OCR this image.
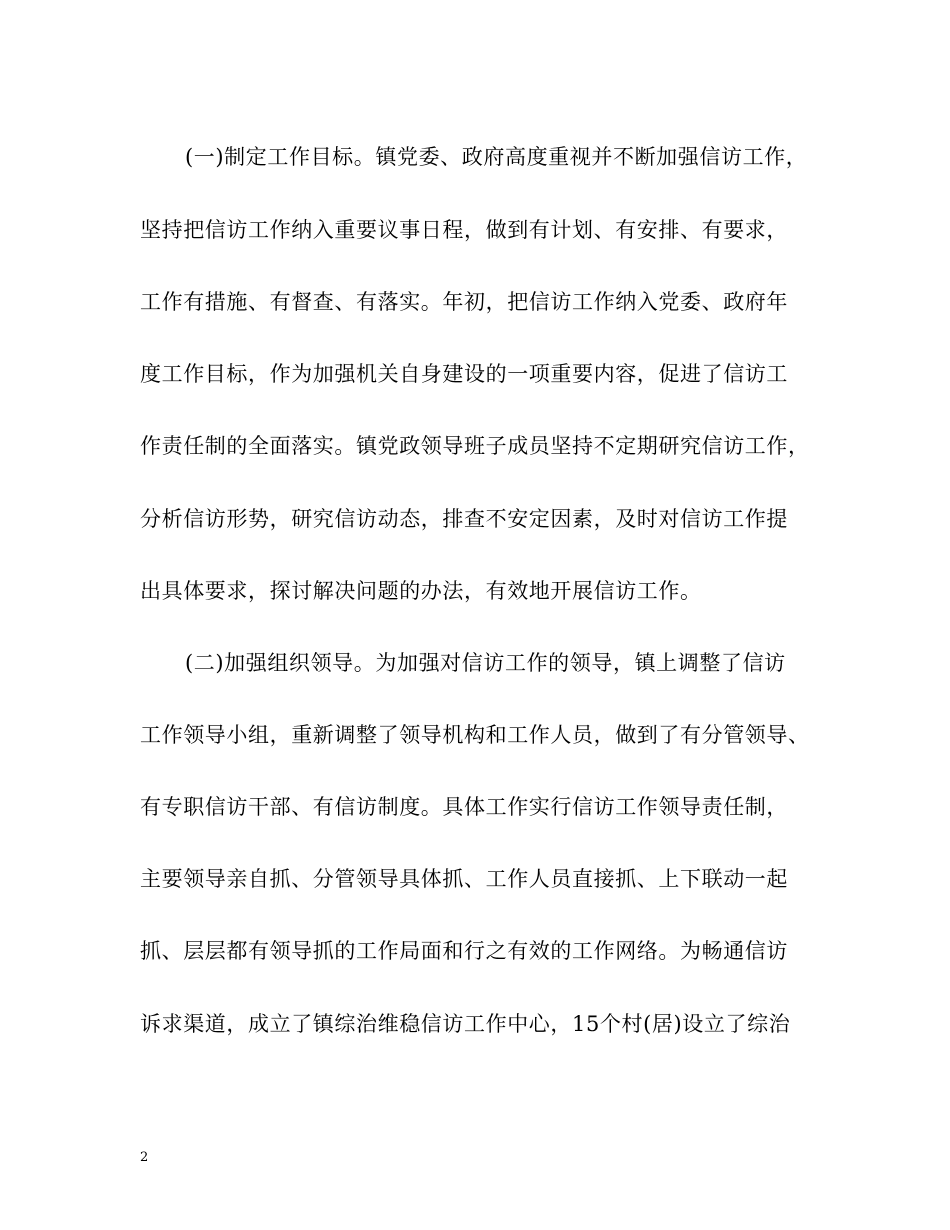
(一)制定工作目标。镇党委、政府高度重视并不断加强信访工作，
坚持把信访工作纳入重要议事日程，做到有计划、有安排、有要求，
工作有措施、有督查、有落实。年初，把信访工作纳入党委、政府年
度工作目标，作为加强机关自身建设的一项重要内容，促进了信访工
作责任制的全面落实。镇党政领导班子成员坚持不定期研究信访工作，
分析信访形势，研究信访动态，排查不安定因素，及时对信访工作提
出具体要求，探讨解决问题的办法，有效地开展信访工作。
(二)加强组织领导。为加强对信访工作的领导，镇上调整了信访
工作领导小组，重新调整了领导机构和工作人员，做到了有分管领导、
有专职信访干部、有信访制度。具体工作实行信访工作领导责任制，
主要领导亲自抓、分管领导具体抓、工作人员直接抓、上下联动一起
抓、层层都有领导抓的工作局面和行之有效的工作网络。为畅通信访
诉求渠道，成立了镇综治维稳信访工作中心，15个村(居)设立了综治
2
